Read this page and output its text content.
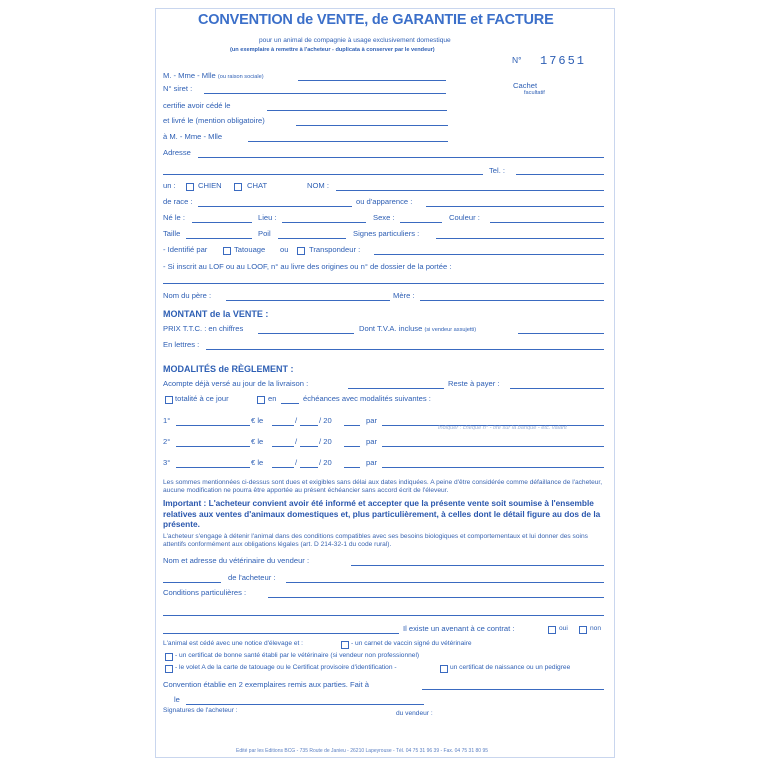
CONVENTION de VENTE, de GARANTIE et FACTURE
pour un animal de compagnie à usage exclusivement domestique
(un exemplaire à remettre à l'acheteur - duplicata à conserver par le vendeur)
N° 17651
Cachet
facultatif
M. - Mme - Mlle (ou raison sociale)
N° siret :
certifie avoir cédé le
et livré le (mention obligatoire)
à M. - Mme - Mlle
Adresse
Tel. :
un :	CHIEN	CHAT	NOM :
de race :	ou d'apparence :
Né le :	Lieu :	Sexe :	Couleur :
Taille	Poil	Signes particuliers :
- Identifié par	Tatouage ou	Transpondeur :
- Si inscrit au LOF ou au LOOF, n° au livre des origines ou n° de dossier de la portée :
Nom du père :	Mère :
MONTANT de la VENTE :
PRIX T.T.C. : en chiffres	Dont T.V.A. incluse (si vendeur assujetti)
En lettres :
MODALITÉS de RÈGLEMENT :
Acompte déjà versé au jour de la livraison :	Reste à payer :
totalité à ce jour	en	échéances avec modalités suivantes :
1°	€ le	/	/ 20	par
Indiquer : chèque n° - tiré sur la banque - etc. valant
2°	€ le	/	/ 20	par
3°	€ le	/	/ 20	par
Les sommes mentionnées ci-dessus sont dues et exigibles sans délai aux dates indiquées. A peine d'être considérée comme défaillance de l'acheteur, aucune modification ne pourra être apportée au présent échéancier sans accord écrit de l'éleveur.
Important : L'acheteur convient avoir été informé et accepter que la présente vente soit soumise à l'ensemble relatives aux ventes d'animaux domestiques et, plus particulièrement, à celles dont le détail figure au dos de la présente.
L'acheteur s'engage à détenir l'animal dans des conditions compatibles avec ses besoins biologiques et comportementaux et lui donner des soins attentifs conformément aux obligations légales (art. D 214-32-1 du code rural).
Nom et adresse du vétérinaire du vendeur :
de l'acheteur :
Conditions particulières :
Il existe un avenant à ce contrat :	oui	non
L'animal est cédé avec une notice d'élevage et :	- un carnet de vaccin signé du vétérinaire
- un certificat de bonne santé établi par le vétérinaire (si vendeur non professionnel)
- le volet A de la carte de tatouage ou le Certificat provisoire d'identification -	un certificat de naissance ou un pedigree
Convention établie en 2 exemplaires remis aux parties. Fait à
le
Signatures de l'acheteur :	du vendeur :
Edité par les Editions BCG - 735 Route de Janieu - 26210 Lapeyrouse - Tél. 04 75 31 96 39 - Fax. 04 75 31 80 95
